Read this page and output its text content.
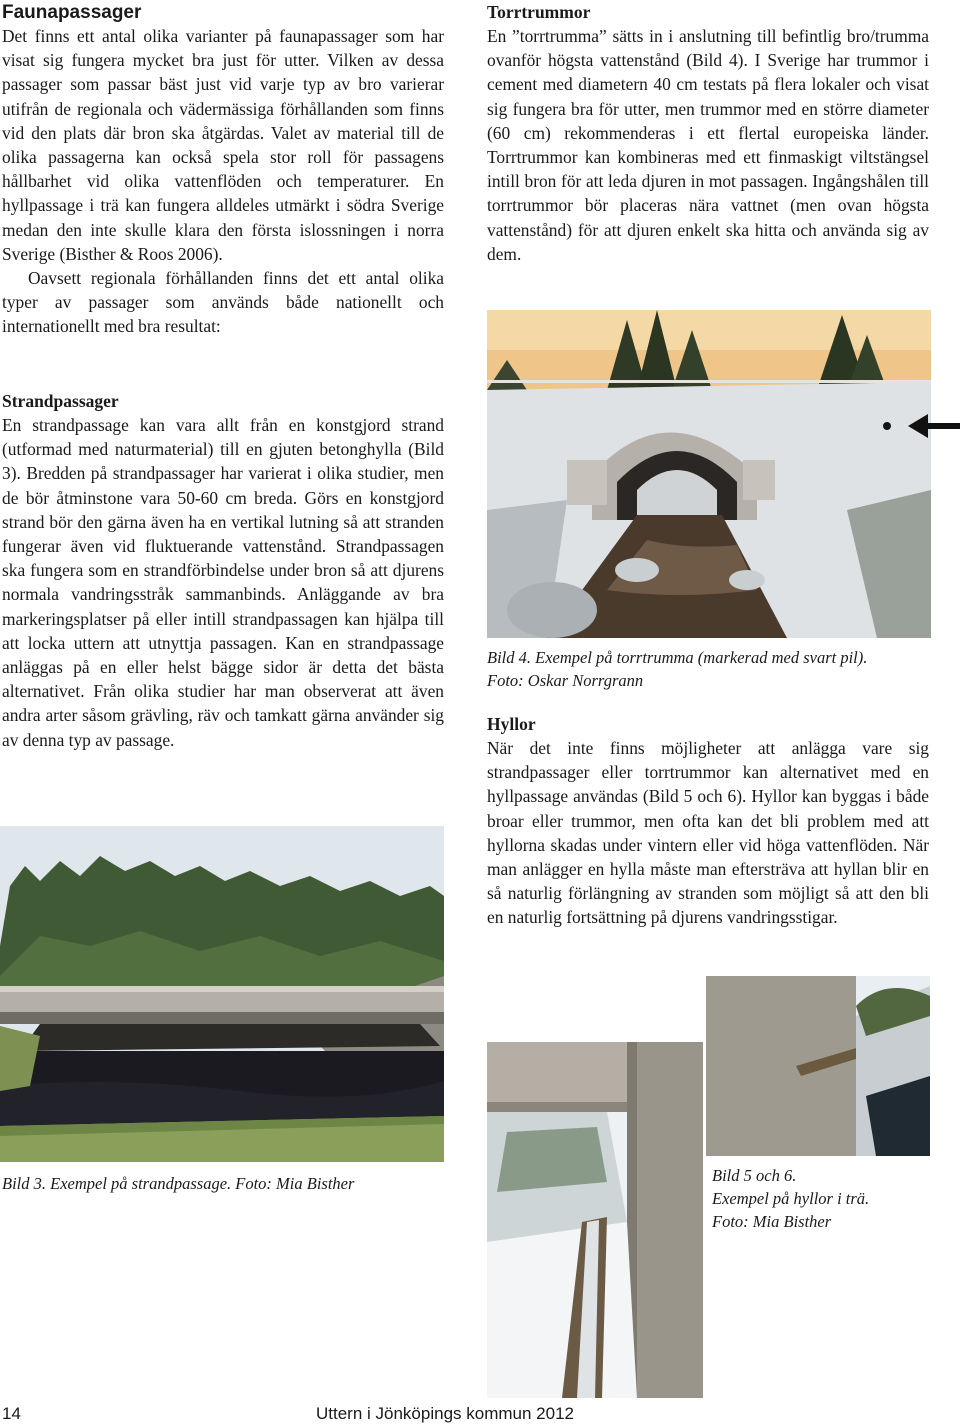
Faunapassager

Det finns ett antal olika varianter på faunapassager som har visat sig fungera mycket bra just för utter. Vilken av dessa passager som passar bäst just vid varje typ av bro varierar utifrån de regionala och vädermässiga förhållanden som finns vid den plats där bron ska åtgärdas. Valet av material till de olika passagerna kan också spela stor roll för passagens hållbarhet vid olika vattenflöden och temperaturer. En hyllpassage i trä kan fungera alldeles utmärkt i södra Sverige medan den inte skulle klara den första islossningen i norra Sverige (Bisther & Roos 2006).

Oavsett regionala förhållanden finns det ett antal olika typer av passager som används både nationellt och internationellt med bra resultat:

Strandpassager

En strandpassage kan vara allt från en konstgjord strand (utformad med naturmaterial) till en gjuten betonghylla (Bild 3). Bredden på strandpassager har varierat i olika studier, men de bör åtminstone vara 50-60 cm breda. Görs en konstgjord strand bör den gärna även ha en vertikal lutning så att stranden fungerar även vid fluktuerande vattenstånd. Strandpassagen ska fungera som en strandförbindelse under bron så att djurens normala vandringsstråk sammanbinds. Anläggande av bra markeringsplatser på eller intill strandpassagen kan hjälpa till att locka uttern att utnyttja passagen. Kan en strandpassage anläggas på en eller helst bägge sidor är detta det bästa alternativet. Från olika studier har man observerat att även andra arter såsom grävling, räv och tamkatt gärna använder sig av denna typ av passage.

Bild 3. Exempel på strandpassage. Foto: Mia Bisther
Torrtrummor

En ”torrtrumma” sätts in i anslutning till befintlig bro/trumma ovanför högsta vattenstånd (Bild 4). I Sverige har trummor i cement med diametern 40 cm testats på flera lokaler och visat sig fungera bra för utter, men trummor med en större diameter (60 cm) rekommenderas i ett flertal europeiska länder. Torrtrummor kan kombineras med ett finmaskigt viltstängsel intill bron för att leda djuren in mot passagen. Ingångshålen till torrtrummor bör placeras nära vattnet (men ovan högsta vattenstånd) för att djuren enkelt ska hitta och använda sig av dem.

Bild 4. Exempel på torrtrumma (markerad med svart pil).
Foto: Oskar Norrgrann
Hyllor

När det inte finns möjligheter att anlägga vare sig strandpassager eller torrtrummor kan alternativet med en hyllpassage användas (Bild 5 och 6). Hyllor kan byggas i både broar eller trummor, men ofta kan det bli problem med att hyllorna skadas under vintern eller vid höga vattenflöden. När man anlägger en hylla måste man eftersträva att hyllan blir en så naturlig förlängning av stranden som möjligt så att den bli en naturlig fortsättning på djurens vandringsstigar.

Bild 5 och 6.
Exempel på hyllor i trä.
Foto: Mia Bisther
14	Uttern i Jönköpings kommun 2012
